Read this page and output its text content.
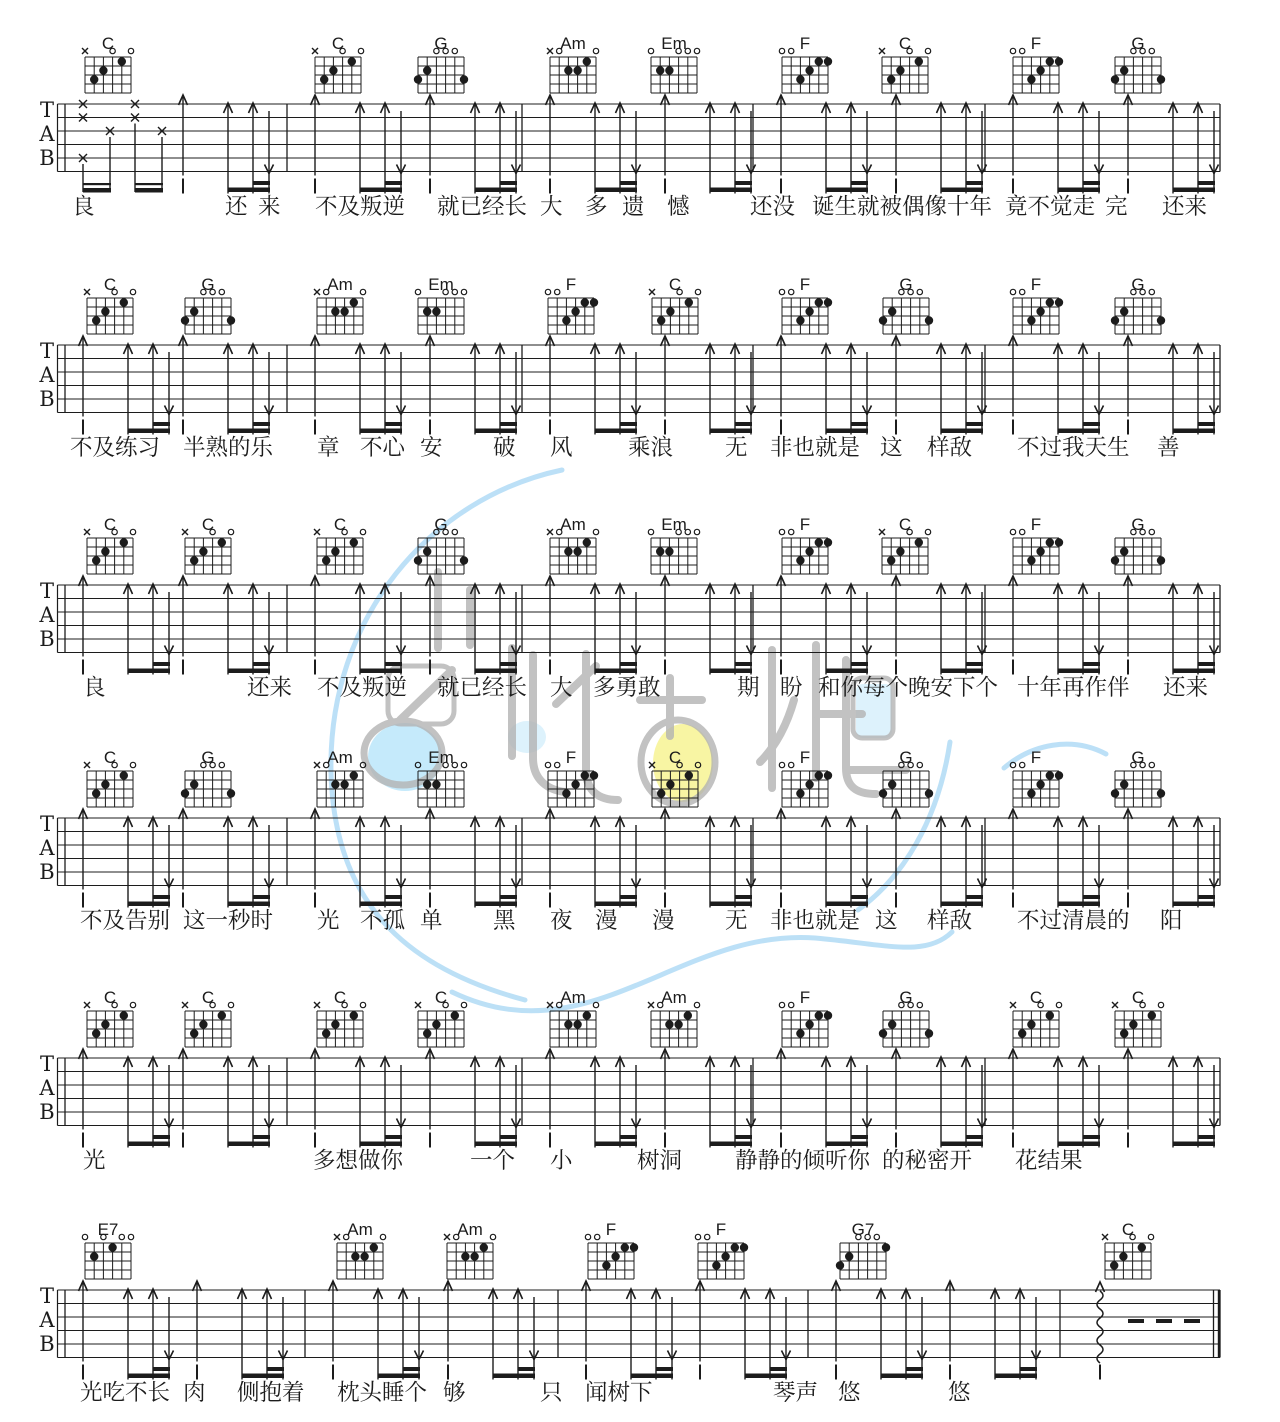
T
A
B
C	C	G	Am	Em	F	C	F	G
良	还 来 不及叛逆 就已经长 大 多 遗 憾	还没 诞生就被偶像十年 竟不觉走 完 还来
T
A
B
C	G	Am	Em	F	C	F	G	F	G
不及练习 半熟的乐 章 不心 安 破 风 乘浪 无 非也就是 这 样敌 不过我天生 善
T
A
B
C	C	C	G	Am	Em	F	C	F	G
良	还来 不及叛逆 就已经长 大 多勇敢	期 盼 和你每个晚安下个 十年再作伴 还来
T
A
B
C	G	Am	Em	F	C	F	G	F	G
不及告别 这一秒时 光 不孤 单 黑 夜 漫 漫 无 非也就是 这 样敌 不过清晨的 阳
T
A
B
C	C	C	C	Am	Am	F	G	C	C
光	多想做你	一个 小	树洞 静静的倾听你 的秘密开 花结果
T
A
B
E7	Am	Am	F	F	G7	C
光吃不长 肉 侧抱着 枕头睡个 够	只 闻树下	琴声 悠	悠
